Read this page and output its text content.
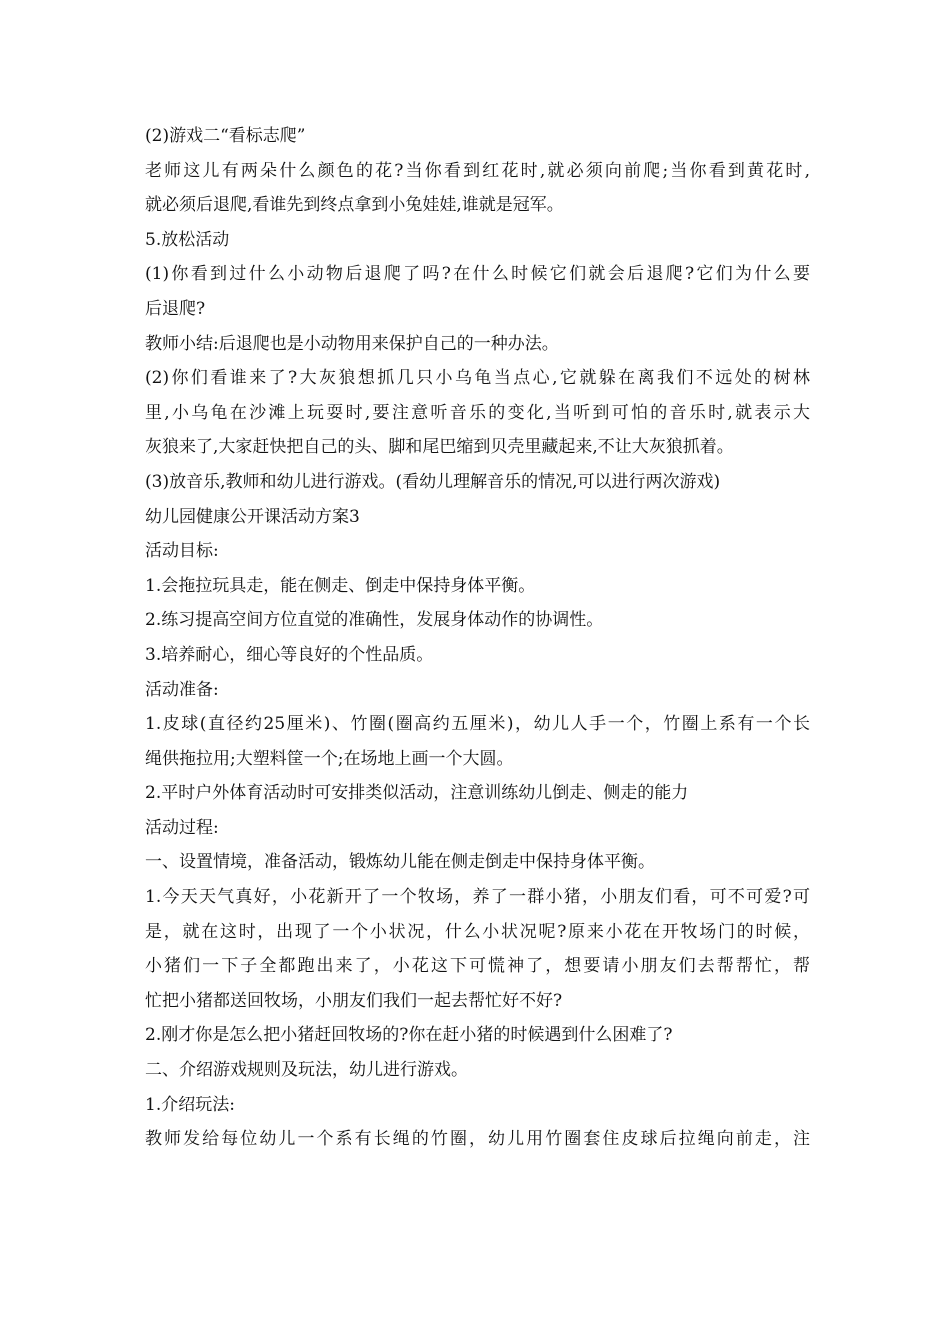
(2)游戏二“看标志爬”
老师这儿有两朵什么颜色的花?当你看到红花时,就必须向前爬;当你看到黄花时,
就必须后退爬,看谁先到终点拿到小兔娃娃,谁就是冠军。
5.放松活动
(1)你看到过什么小动物后退爬了吗?在什么时候它们就会后退爬?它们为什么要
后退爬?
教师小结:后退爬也是小动物用来保护自己的一种办法。
(2)你们看谁来了?大灰狼想抓几只小乌龟当点心,它就躲在离我们不远处的树林
里,小乌龟在沙滩上玩耍时,要注意听音乐的变化,当听到可怕的音乐时,就表示大
灰狼来了,大家赶快把自己的头、脚和尾巴缩到贝壳里藏起来,不让大灰狼抓着。
(3)放音乐,教师和幼儿进行游戏。(看幼儿理解音乐的情况,可以进行两次游戏)
幼儿园健康公开课活动方案3
活动目标:
1.会拖拉玩具走，能在侧走、倒走中保持身体平衡。
2.练习提高空间方位直觉的准确性，发展身体动作的协调性。
3.培养耐心，细心等良好的个性品质。
活动准备:
1.皮球(直径约25厘米)、竹圈(圈高约五厘米)，幼儿人手一个，竹圈上系有一个长
绳供拖拉用;大塑料筐一个;在场地上画一个大圆。
2.平时户外体育活动时可安排类似活动，注意训练幼儿倒走、侧走的能力
活动过程:
一、设置情境，准备活动，锻炼幼儿能在侧走倒走中保持身体平衡。
1.今天天气真好，小花新开了一个牧场，养了一群小猪，小朋友们看，可不可爱?可
是，就在这时，出现了一个小状况，什么小状况呢?原来小花在开牧场门的时候，
小猪们一下子全都跑出来了，小花这下可慌神了，想要请小朋友们去帮帮忙，帮
忙把小猪都送回牧场，小朋友们我们一起去帮忙好不好?
2.刚才你是怎么把小猪赶回牧场的?你在赶小猪的时候遇到什么困难了?
二、介绍游戏规则及玩法，幼儿进行游戏。
1.介绍玩法:
教师发给每位幼儿一个系有长绳的竹圈，幼儿用竹圈套住皮球后拉绳向前走，注
